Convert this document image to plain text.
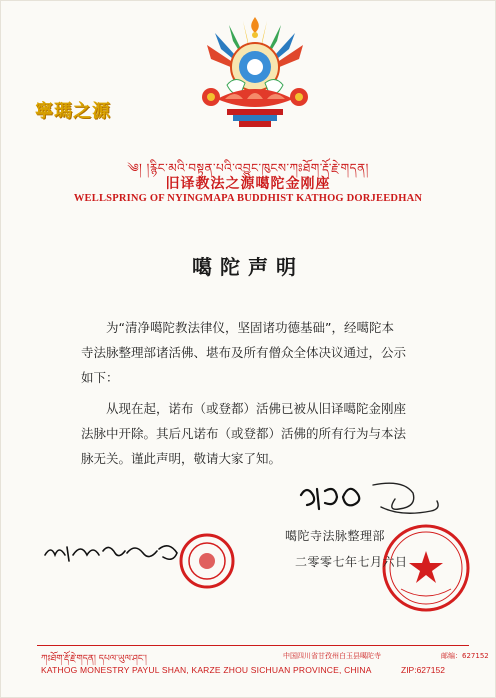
寧瑪之源
༄། །རྙིང་མའི་བསྟན་པའི་འབྱུང་ཁུངས་ཀཿཐོག་རྡོ་རྗེ་གདན།
旧译教法之源噶陀金刚座
WELLSPRING OF NYINGMAPA BUDDHIST KATHOG DORJEEDHAN
噶陀声明
为“清净噶陀教法律仪，坚固诸功德基础”，经噶陀本
寺法脉整理部诸活佛、堪布及所有僧众全体决议通过，公示
如下：
从现在起，诺布（或登都）活佛已被从旧译噶陀金刚座
法脉中开除。其后凡诺布（或登都）活佛的所有行为与本法
脉无关。谨此声明，敬请大家了知。
噶陀寺法脉整理部
二零零七年七月六日
ཀཿཐོག་རྡོ་རྗེ་གདན། དཔལ་ཡུལ་ཤང་།	中国四川省甘孜州白玉县噶陀寺	邮编：627152
KATHOG MONESTRY PAYUL SHAN, KARZE ZHOU SICHUAN PROVINCE, CHINA	ZIP:627152
